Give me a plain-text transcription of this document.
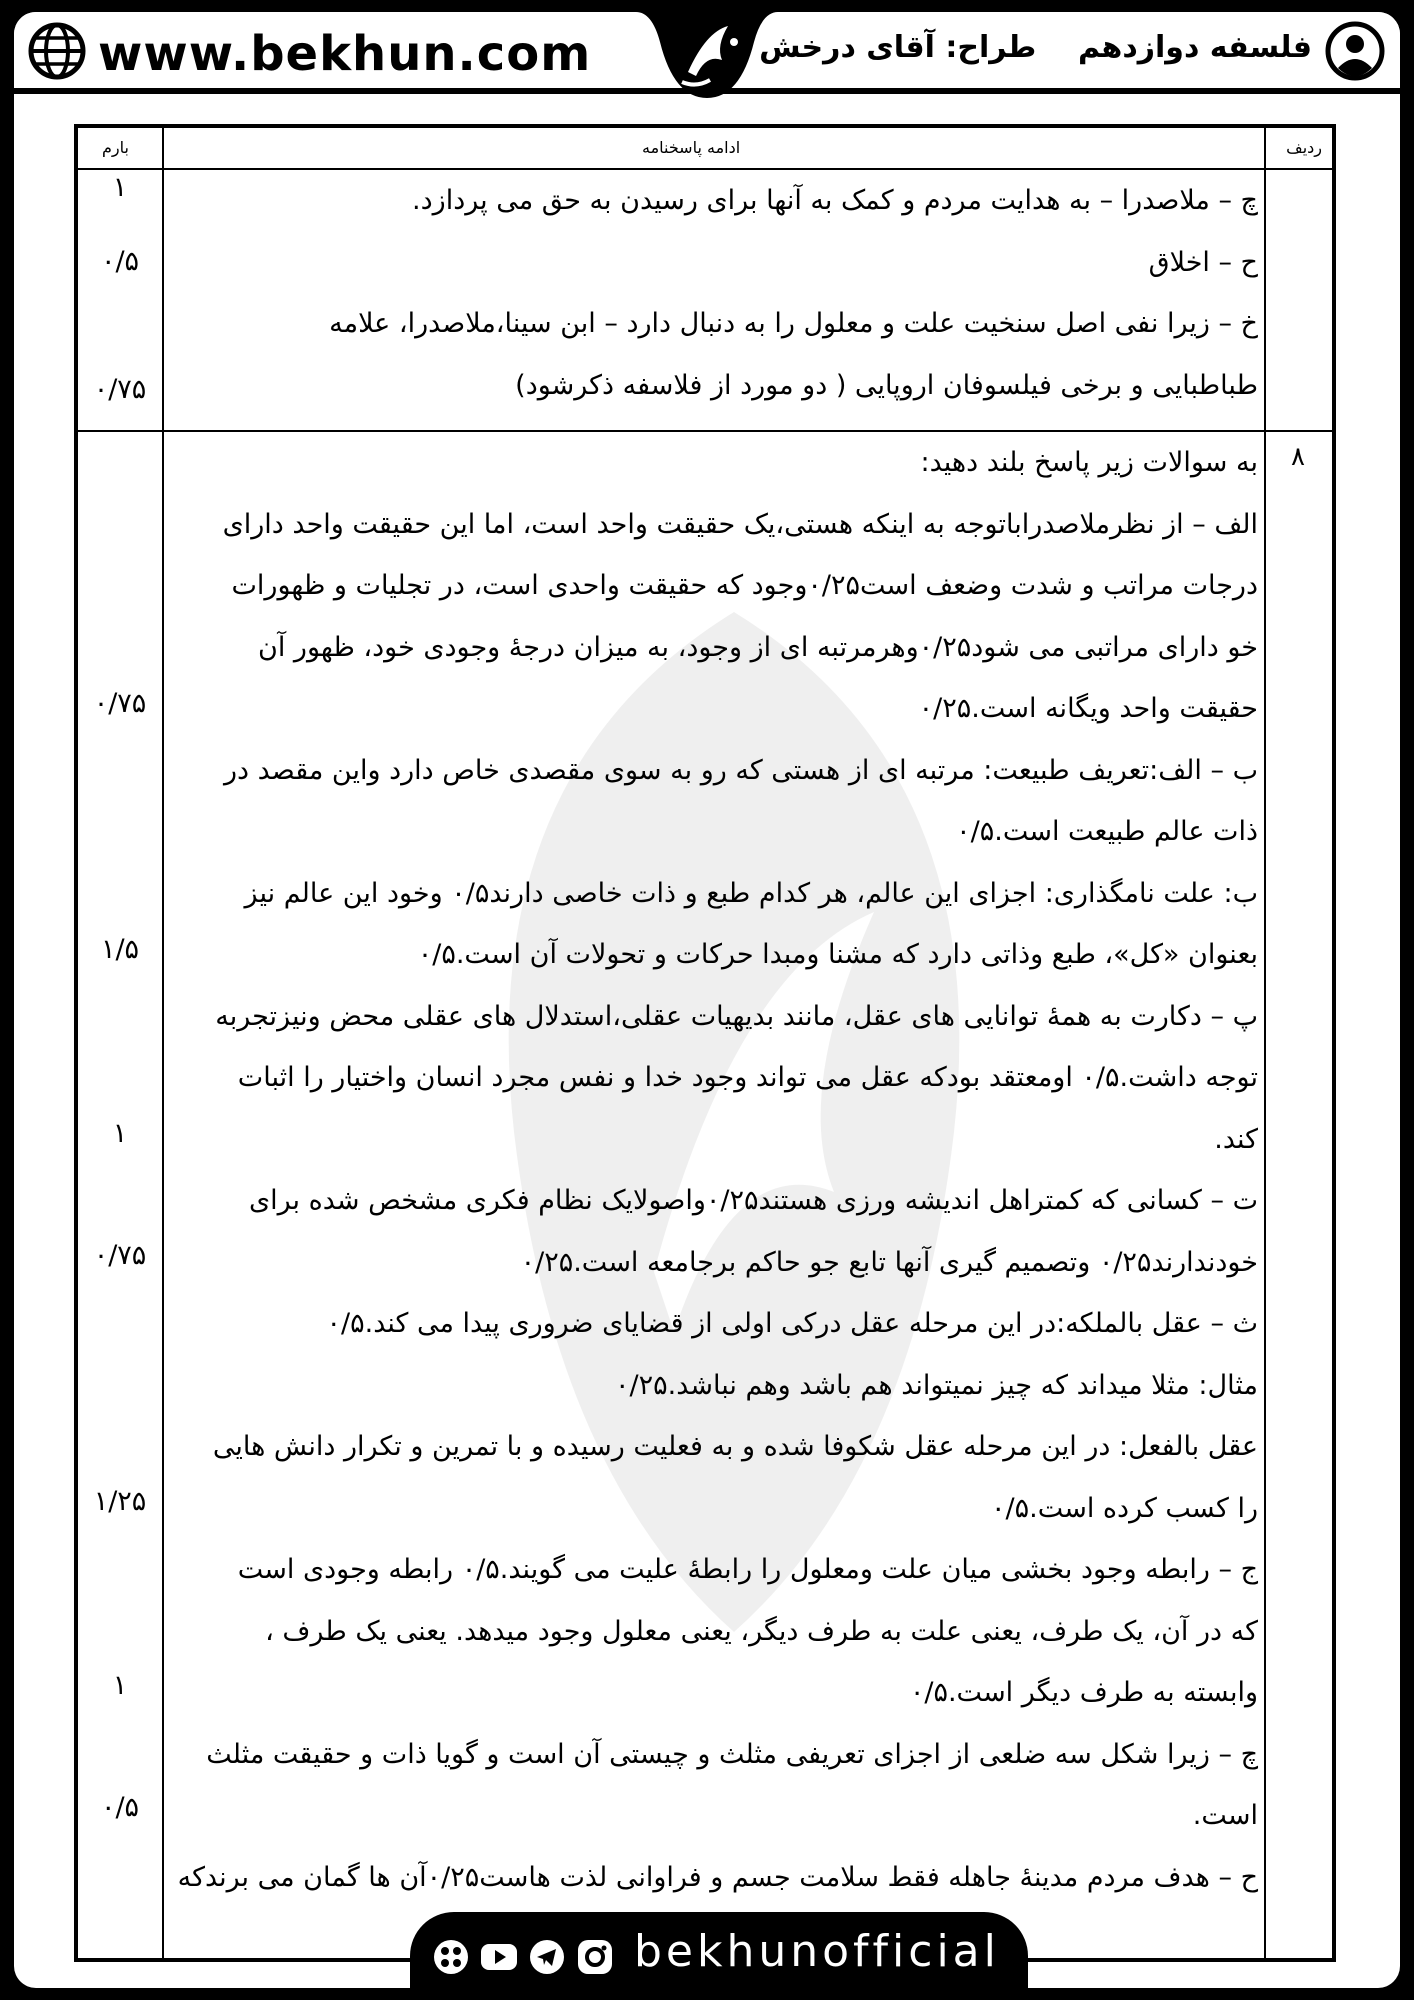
www.bekhun.com	فلسفه دوازدهم    طراح: آقای درخش
ردیف
ادامه پاسخنامه
بارم
چ – ملاصدرا – به هدایت مردم و کمک به آنها برای رسیدن به حق می پردازد.
ح – اخلاق
خ – زیرا نفی اصل سنخیت علت و معلول را به دنبال دارد – ابن سینا،ملاصدرا، علامه
طباطبایی و برخی فیلسوفان اروپایی ( دو مورد از فلاسفه ذکرشود)
۱
۰/۵
۰/۷۵
۸
به سوالات زیر پاسخ بلند دهید:
الف – از نظرملاصدراباتوجه به اینکه هستی،یک حقیقت واحد است، اما این حقیقت واحد دارای
درجات مراتب و شدت وضعف است۰/۲۵وجود که حقیقت واحدی است، در تجلیات و ظهورات
خو دارای مراتبی می شود۰/۲۵وهرمرتبه ای از وجود، به میزان درجهٔ وجودی خود، ظهور آن
حقیقت واحد ویگانه است.۰/۲۵
ب – الف:تعریف طبیعت: مرتبه ای از هستی که رو به سوی مقصدی خاص دارد واین مقصد در
ذات عالم طبیعت است.۰/۵
ب: علت نامگذاری: اجزای این عالم، هر کدام طبع و ذات خاصی دارند۰/۵ وخود این عالم نیز
بعنوان «کل»، طبع وذاتی دارد که مشنا ومبدا حرکات و تحولات آن است.۰/۵
پ – دکارت به همهٔ توانایی های عقل، مانند بدیهیات عقلی،استدلال های عقلی محض ونیزتجربه
توجه داشت.۰/۵ اومعتقد بودکه عقل می تواند وجود خدا و نفس مجرد انسان واختیار را اثبات
کند.
ت – کسانی که کمتراهل اندیشه ورزی هستند۰/۲۵واصولایک نظام فکری مشخص شده برای
خودندارند۰/۲۵ وتصمیم گیری آنها تابع جو حاکم برجامعه است.۰/۲۵
ث – عقل بالملکه:در این مرحله عقل درکی اولی از قضایای ضروری پیدا می کند.۰/۵
مثال: مثلا میداند که چیز نمیتواند هم باشد وهم نباشد.۰/۲۵
عقل بالفعل: در این مرحله عقل شکوفا شده و به فعلیت رسیده و با تمرین و تکرار دانش هایی
را کسب کرده است.۰/۵
ج – رابطه وجود بخشی میان علت ومعلول را رابطهٔ علیت می گویند.۰/۵ رابطه وجودی است
که در آن، یک طرف، یعنی علت به طرف دیگر، یعنی معلول وجود میدهد. یعنی یک طرف ،
وابسته به طرف دیگر است.۰/۵
چ – زیرا شکل سه ضلعی از اجزای تعریفی مثلث و چیستی آن است و گویا ذات و حقیقت مثلث
است.
ح – هدف مردم مدینهٔ جاهله فقط سلامت جسم و فراوانی لذت هاست۰/۲۵آن ها گمان می برندکه
۰/۷۵
۱/۵
۱
۰/۷۵
۱/۲۵
۱
۰/۵
bekhunofficial
